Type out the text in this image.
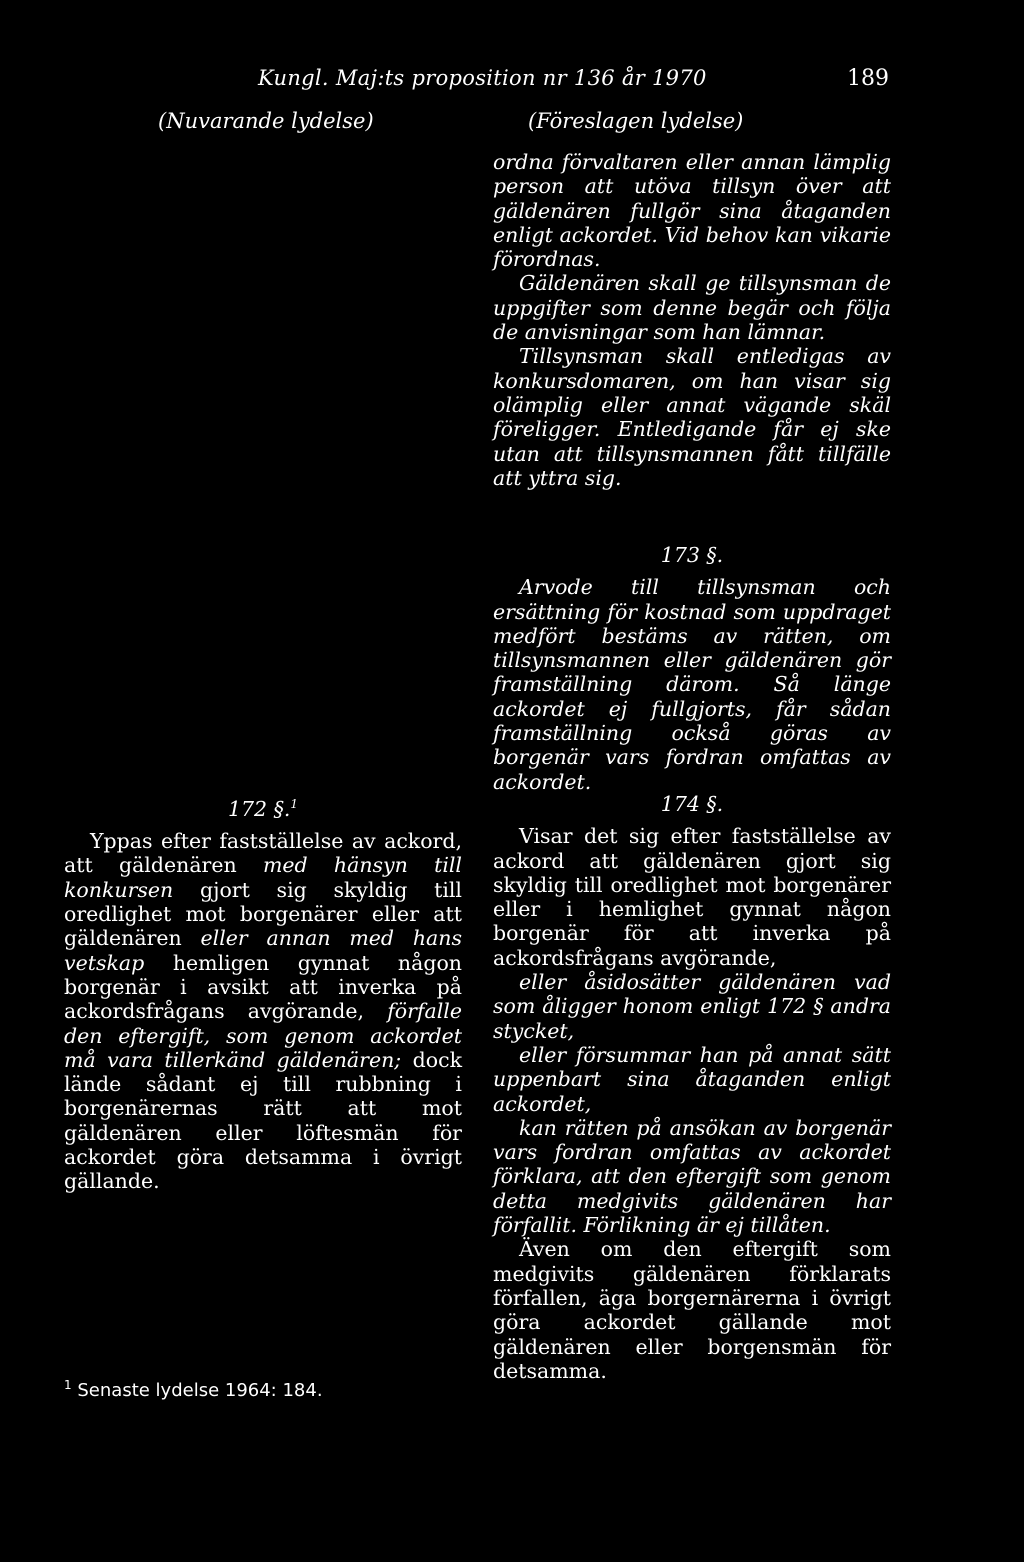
Kungl. Maj:ts proposition nr 136 år 1970	189
(Nuvarande lydelse)	(Föreslagen lydelse)

ordna förvaltaren eller annan lämplig person att utöva tillsyn över att gäldenären fullgör sina åtaganden enligt ackordet. Vid behov kan vikarie förordnas.

Gäldenären skall ge tillsynsman de uppgifter som denne begär och följa de anvisningar som han lämnar.

Tillsynsman skall entledigas av konkursdomaren, om han visar sig olämplig eller annat vägande skäl föreligger. Entledigande får ej ske utan att tillsynsmannen fått tillfälle att yttra sig.

173 §.

Arvode till tillsynsman och ersättning för kostnad som uppdraget medfört bestäms av rätten, om tillsynsmannen eller gäldenären gör framställning därom. Så länge ackordet ej fullgjorts, får sådan framställning också göras av borgenär vars fordran omfattas av ackordet.

174 §.

Visar det sig efter fastställelse av ackord att gäldenären gjort sig skyldig till oredlighet mot borgenärer eller i hemlighet gynnat någon borgenär för att inverka på ackordsfrågans avgörande,

eller åsidosätter gäldenären vad som åligger honom enligt 172 § andra stycket,

eller försummar han på annat sätt uppenbart sina åtaganden enligt ackordet,

kan rätten på ansökan av borgenär vars fordran omfattas av ackordet förklara, att den eftergift som genom detta medgivits gäldenären har förfallit. Förlikning är ej tillåten.

Även om den eftergift som medgivits gäldenären förklarats förfallen, äga borgernärerna i övrigt göra ackordet gällande mot gäldenären eller borgensmän för detsamma.

172 §.$^1$

Yppas efter fastställelse av ackord, att gäldenären med hänsyn till konkursen gjort sig skyldig till oredlighet mot borgenärer eller att gäldenären eller annan med hans vetskap hemligen gynnat någon borgenär i avsikt att inverka på ackordsfrågans avgörande, förfalle den eftergift, som genom ackordet må vara tillerkänd gäldenären; dock lände sådant ej till rubbning i borgenärernas rätt att mot gäldenären eller löftesmän för ackordet göra detsamma i övrigt gällande.

$^1$ Senaste lydelse 1964: 184.
